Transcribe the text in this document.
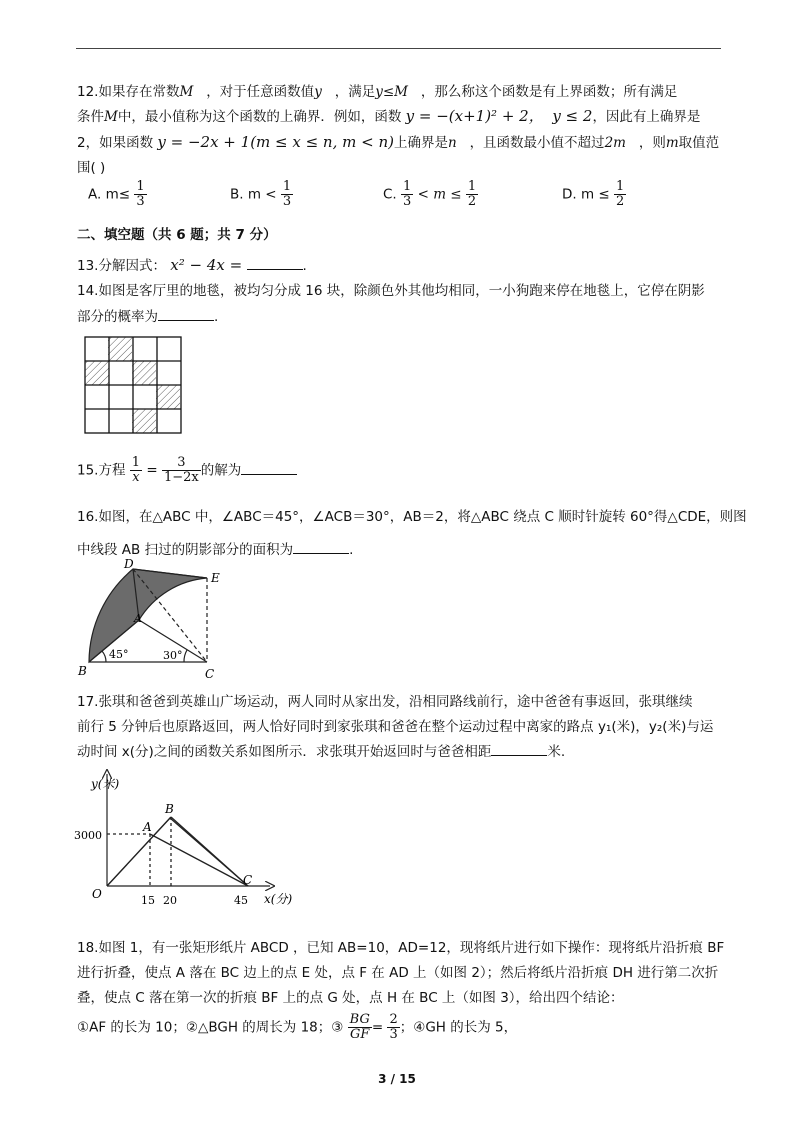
12.如果存在常数M ，对于任意函数值y ，满足y≤M ，那么称这个函数是有上界函数；所有满足
条件M中，最小值称为这个函数的上确界．例如，函数 y = −(x+1)² + 2， y ≤ 2，因此有上确界是
2，如果函数 y = −2x + 1(m ≤ x ≤ n, m < n)上确界是n ，且函数最小值不超过2m ，则m取值范
围( )
A. $m\le \frac{1}{3}$	B. $m < \frac{1}{3}$	C. $\frac{1}{3} < m \le \frac{1}{2}$	D. $m \le \frac{1}{2}$
二、填空题（共 6 题；共 7 分）
13.分解因式： x² − 4x =	.
14.如图是客厅里的地毯，被均匀分成 16 块，除颜色外其他均相同，一小狗跑来停在地毯上，它停在阴影
部分的概率为	.
15.方程 $\frac{1}{x} = \frac{3}{1-2x}$ 的解为
16.如图，在△ABC 中，∠ABC＝45°，∠ACB＝30°，AB＝2，将△ABC 绕点 C 顺时针旋转 60°得△CDE，则图
中线段 AB 扫过的阴影部分的面积为	.
D
E
A
B	C
45°	30°
17.张琪和爸爸到英雄山广场运动，两人同时从家出发，沿相同路线前行，途中爸爸有事返回，张琪继续
前行 5 分钟后也原路返回，两人恰好同时到家张琪和爸爸在整个运动过程中离家的路点 y₁(米)，y₂(米)与运
动时间 x(分)之间的函数关系如图所示．求张琪开始返回时与爸爸相距	米.
y(米)
x(分)
3000
O
A
B
C
15 20	45
18.如图 1，有一张矩形纸片 ABCD ，已知 AB=10，AD=12，现将纸片进行如下操作：现将纸片沿折痕 BF
进行折叠，使点 A 落在 BC 边上的点 E 处，点 F 在 AD 上（如图 2）；然后将纸片沿折痕 DH 进行第二次折
叠，使点 C 落在第一次的折痕 BF 上的点 G 处，点 H 在 BC 上（如图 3），给出四个结论：
①AF 的长为 10；②△BGH 的周长为 18；③ $\frac{BG}{GF} = \frac{2}{3}$ ；④GH 的长为 5，
3 / 15
